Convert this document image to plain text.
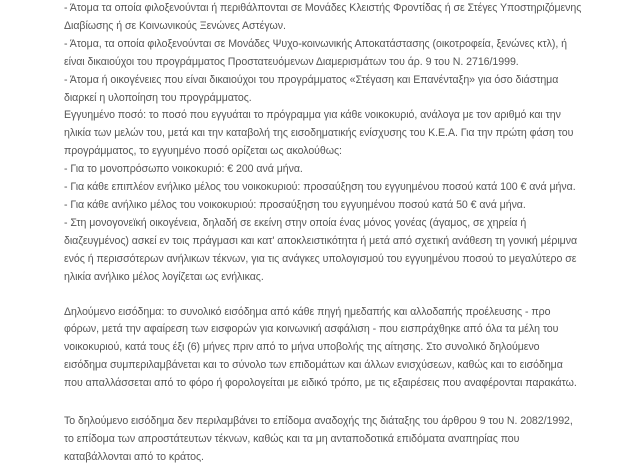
- Άτομα τα οποία φιλοξενούνται ή περιθάλπονται σε Μονάδες Κλειστής Φροντίδας ή σε Στέγες Υποστηριζόμενης Διαβίωσης ή σε Κοινωνικούς Ξενώνες Αστέγων.

- Άτομα, τα οποία φιλοξενούνται σε Μονάδες Ψυχο-κοινωνικής Αποκατάστασης (οικοτροφεία, ξενώνες κτλ), ή είναι δικαιούχοι του προγράμματος Προστατευόμενων Διαμερισμάτων του άρ. 9 του Ν. 2716/1999.

- Άτομα ή οικογένειες που είναι δικαιούχοι του προγράμματος «Στέγαση και Επανένταξη» για όσο διάστημα διαρκεί η υλοποίηση του προγράμματος.

Εγγυημένο ποσό: το ποσό που εγγυάται το πρόγραμμα για κάθε νοικοκυριό, ανάλογα με τον αριθμό και την ηλικία των μελών του, μετά και την καταβολή της εισοδηματικής ενίσχυσης του Κ.Ε.Α. Για την πρώτη φάση του προγράμματος, το εγγυημένο ποσό ορίζεται ως ακολούθως:

- Για το μονοπρόσωπο νοικοκυριό: € 200 ανά μήνα.

- Για κάθε επιπλέον ενήλικο μέλος του νοικοκυριού: προσαύξηση του εγγυημένου ποσού κατά 100 € ανά μήνα.

- Για κάθε ανήλικο μέλος του νοικοκυριού: προσαύξηση του εγγυημένου ποσού κατά 50 € ανά μήνα.

- Στη μονογονεϊκή οικογένεια, δηλαδή σε εκείνη στην οποία ένας μόνος γονέας (άγαμος, σε χηρεία ή διαζευγμένος) ασκεί εν τοις πράγμασι και κατ' αποκλειστικότητα ή μετά από σχετική ανάθεση τη γονική μέριμνα ενός ή περισσότερων ανήλικων τέκνων, για τις ανάγκες υπολογισμού του εγγυημένου ποσού το μεγαλύτερο σε ηλικία ανήλικο μέλος λογίζεται ως ενήλικας.

Δηλούμενο εισόδημα: το συνολικό εισόδημα από κάθε πηγή ημεδαπής και αλλοδαπής προέλευσης - προ φόρων, μετά την αφαίρεση των εισφορών για κοινωνική ασφάλιση - που εισπράχθηκε από όλα τα μέλη του νοικοκυριού, κατά τους έξι (6) μήνες πριν από το μήνα υποβολής της αίτησης. Στο συνολικό δηλούμενο εισόδημα συμπεριλαμβάνεται και το σύνολο των επιδομάτων και άλλων ενισχύσεων, καθώς και το εισόδημα που απαλλάσσεται από το φόρο ή φορολογείται με ειδικό τρόπο, με τις εξαιρέσεις που αναφέρονται παρακάτω.

Το δηλούμενο εισόδημα δεν περιλαμβάνει το επίδομα αναδοχής της διάταξης του άρθρου 9 του Ν. 2082/1992, το επίδομα των απροστάτευτων τέκνων, καθώς και τα μη ανταποδοτικά επιδόματα αναπηρίας που καταβάλλονται από το κράτος.
